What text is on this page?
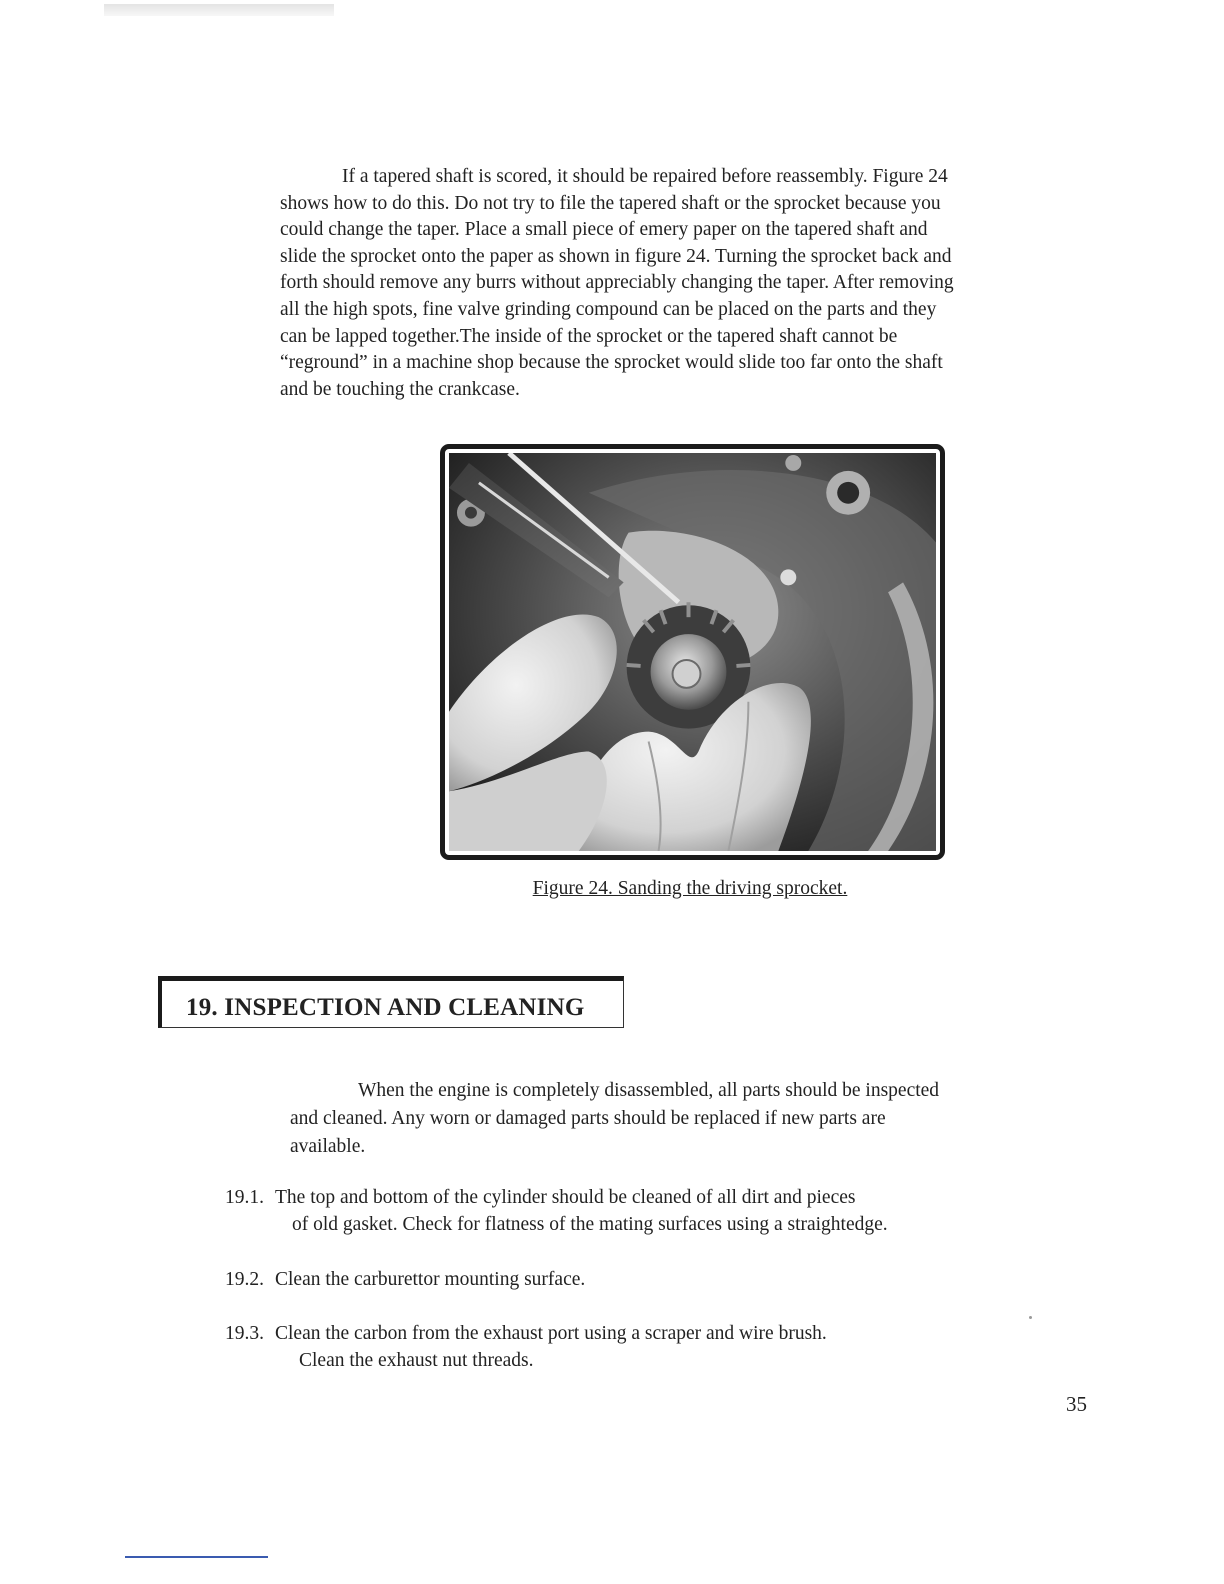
If a tapered shaft is scored, it should be repaired before reassembly. Figure 24 shows how to do this. Do not try to file the tapered shaft or the sprocket because you could change the taper. Place a small piece of emery paper on the tapered shaft and slide the sprocket onto the paper as shown in figure 24. Turning the sprocket back and forth should remove any burrs without appreciably changing the taper. After removing all the high spots, fine valve grinding compound can be placed on the parts and they can be lapped together.The inside of the sprocket or the tapered shaft cannot be “reground” in a machine shop because the sprocket would slide too far onto the shaft and be touching the crankcase.

Figure 24. Sanding the driving sprocket.

19. INSPECTION AND CLEANING

When the engine is completely disassembled, all parts should be inspected and cleaned. Any worn or damaged parts should be replaced if new parts are available.

19.1. The top and bottom of the cylinder should be cleaned of all dirt and pieces
of old gasket. Check for flatness of the mating surfaces using a straightedge.
19.2. Clean the carburettor mounting surface.
19.3. Clean the carbon from the exhaust port using a scraper and wire brush.
Clean the exhaust nut threads.

35
